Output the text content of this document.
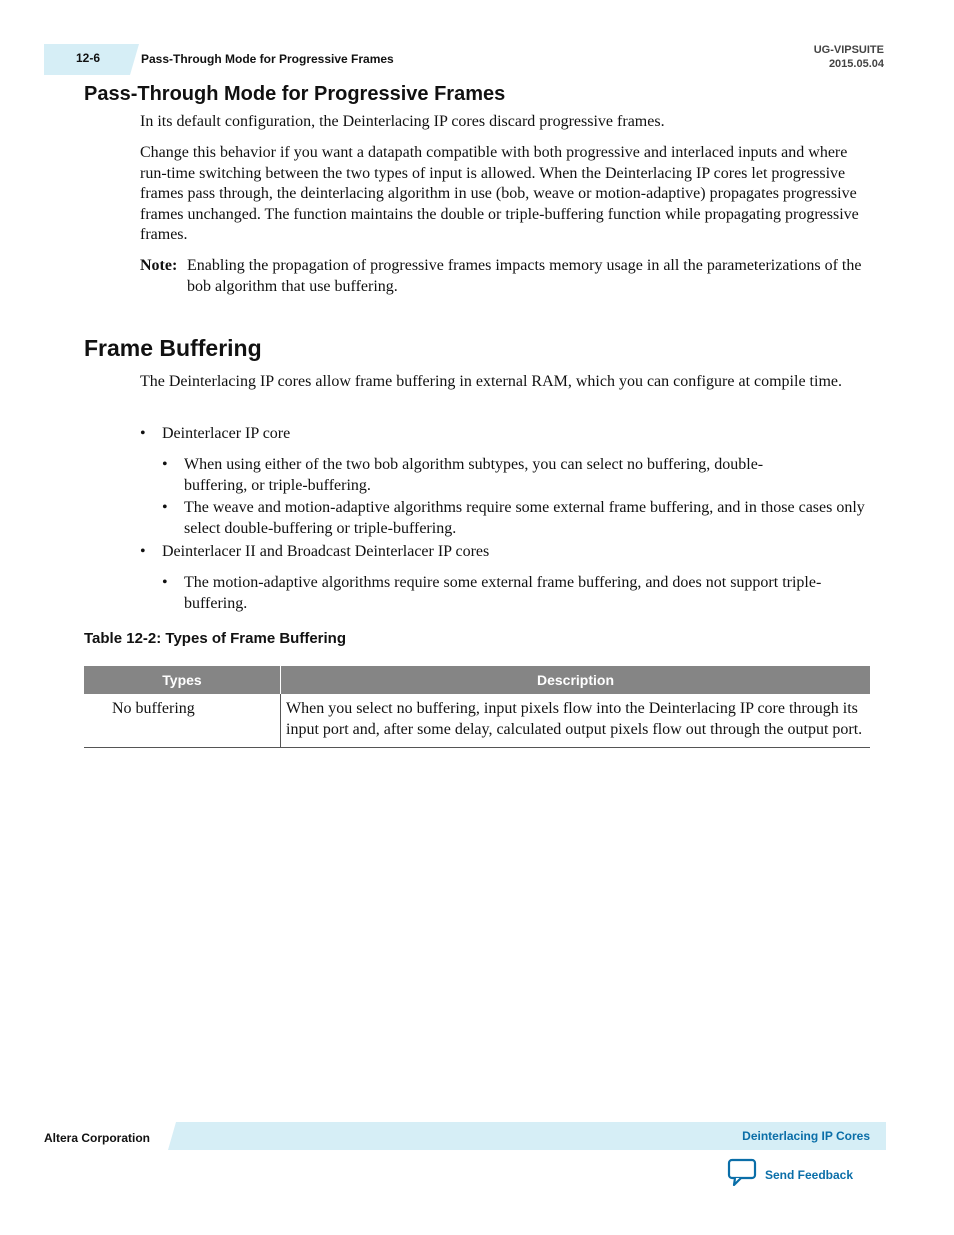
12-6	Pass-Through Mode for Progressive Frames
UG-VIPSUITE
2015.05.04
Pass-Through Mode for Progressive Frames
In its default configuration, the Deinterlacing IP cores discard progressive frames.
Change this behavior if you want a datapath compatible with both progressive and interlaced inputs and where run-time switching between the two types of input is allowed. When the Deinterlacing IP cores let progressive frames pass through, the deinterlacing algorithm in use (bob, weave or motion-adaptive) propagates progressive frames unchanged. The function maintains the double or triple-buffering function while propagating progressive frames.
Note: Enabling the propagation of progressive frames impacts memory usage in all the parameterizations of the bob algorithm that use buffering.
Frame Buffering
The Deinterlacing IP cores allow frame buffering in external RAM, which you can configure at compile time.
•	Deinterlacer IP core
•	When using either of the two bob algorithm subtypes, you can select no buffering, double-buffering, or triple-buffering.
•	The weave and motion-adaptive algorithms require some external frame buffering, and in those cases only select double-buffering or triple-buffering.
•	Deinterlacer II and Broadcast Deinterlacer IP cores
•	The motion-adaptive algorithms require some external frame buffering, and does not support triple-buffering.
Table 12-2: Types of Frame Buffering
Types	Description
No buffering	When you select no buffering, input pixels flow into the Deinterlacing IP core through its input port and, after some delay, calculated output pixels flow out through the output port.
Altera Corporation	Deinterlacing IP Cores
Send Feedback
